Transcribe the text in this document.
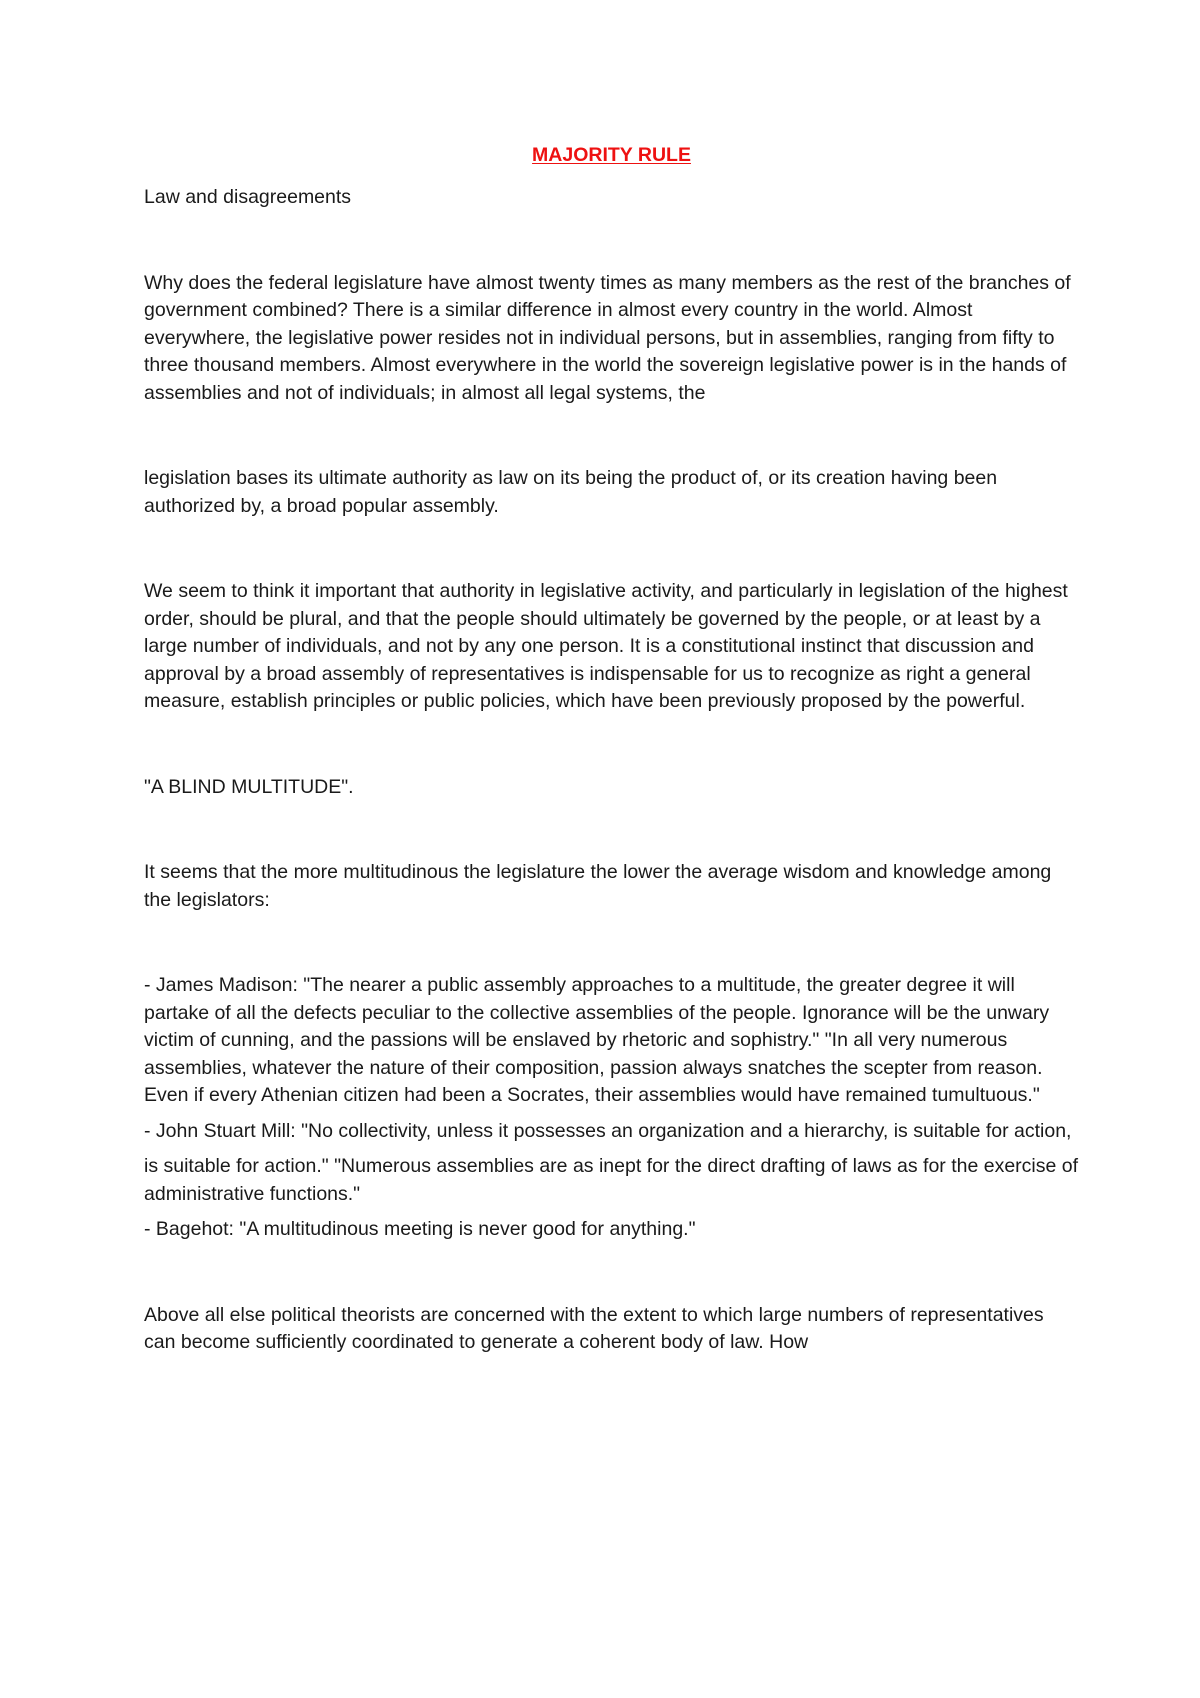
MAJORITY RULE

Law and disagreements

Why does the federal legislature have almost twenty times as many members as the rest of the branches of government combined? There is a similar difference in almost every country in the world. Almost everywhere, the legislative power resides not in individual persons, but in assemblies, ranging from fifty to three thousand members. Almost everywhere in the world the sovereign legislative power is in the hands of assemblies and not of individuals; in almost all legal systems, the

legislation bases its ultimate authority as law on its being the product of, or its creation having been authorized by, a broad popular assembly.

We seem to think it important that authority in legislative activity, and particularly in legislation of the highest order, should be plural, and that the people should ultimately be governed by the people, or at least by a large number of individuals, and not by any one person. It is a constitutional instinct that discussion and approval by a broad assembly of representatives is indispensable for us to recognize as right a general measure, establish principles or public policies, which have been previously proposed by the powerful.

"A BLIND MULTITUDE".

It seems that the more multitudinous the legislature the lower the average wisdom and knowledge among the legislators:

- James Madison: "The nearer a public assembly approaches to a multitude, the greater degree it will partake of all the defects peculiar to the collective assemblies of the people. Ignorance will be the unwary victim of cunning, and the passions will be enslaved by rhetoric and sophistry." "In all very numerous assemblies, whatever the nature of their composition, passion always snatches the scepter from reason. Even if every Athenian citizen had been a Socrates, their assemblies would have remained tumultuous."

- John Stuart Mill: "No collectivity, unless it possesses an organization and a hierarchy, is suitable for action,

is suitable for action." "Numerous assemblies are as inept for the direct drafting of laws as for the exercise of administrative functions."

- Bagehot: "A multitudinous meeting is never good for anything."

Above all else political theorists are concerned with the extent to which large numbers of representatives can become sufficiently coordinated to generate a coherent body of law. How
